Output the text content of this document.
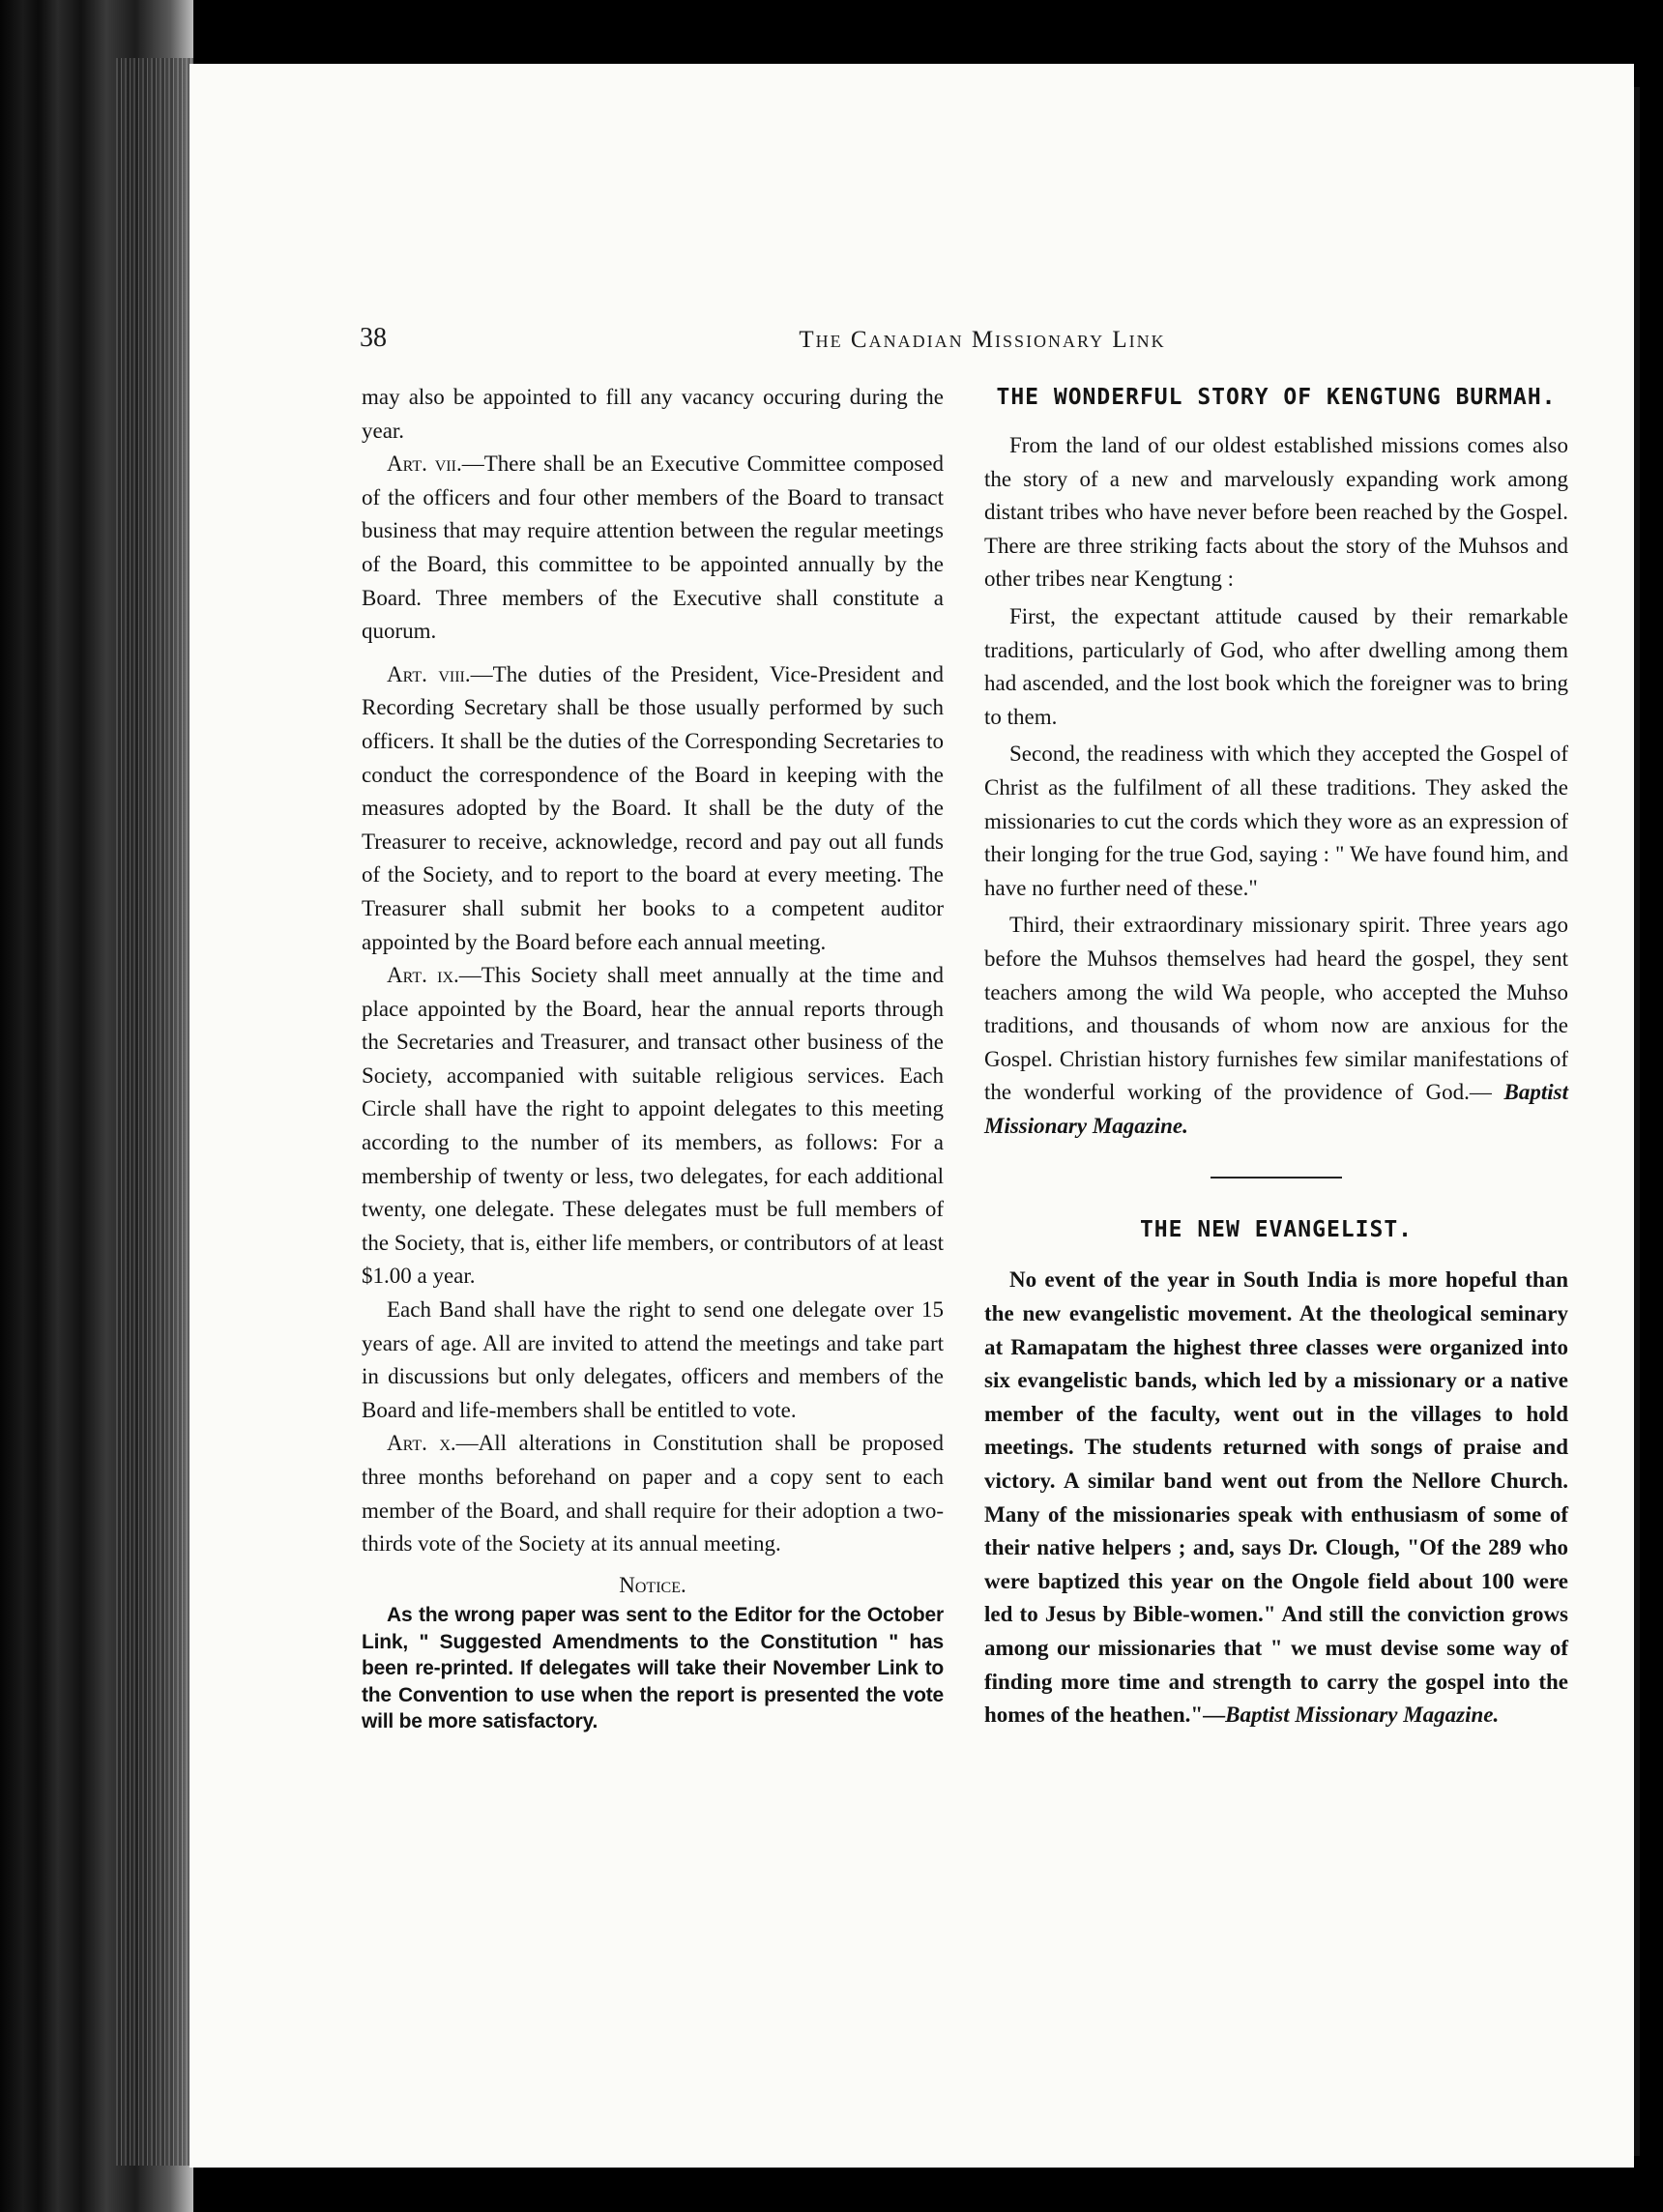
38	The Canadian Missionary Link

may also be appointed to fill any vacancy occuring during the year.

Art. vii.—There shall be an Executive Committee composed of the officers and four other members of the Board to transact business that may require attention between the regular meetings of the Board, this committee to be appointed annually by the Board. Three members of the Executive shall constitute a quorum.

Art. viii.—The duties of the President, Vice-President and Recording Secretary shall be those usually performed by such officers. It shall be the duties of the Corresponding Secretaries to conduct the correspondence of the Board in keeping with the measures adopted by the Board. It shall be the duty of the Treasurer to receive, acknowledge, record and pay out all funds of the Society, and to report to the board at every meeting. The Treasurer shall submit her books to a competent auditor appointed by the Board before each annual meeting.

Art. ix.—This Society shall meet annually at the time and place appointed by the Board, hear the annual reports through the Secretaries and Treasurer, and transact other business of the Society, accompanied with suitable religious services. Each Circle shall have the right to appoint delegates to this meeting according to the number of its members, as follows: For a membership of twenty or less, two delegates, for each additional twenty, one delegate. These delegates must be full members of the Society, that is, either life members, or contributors of at least $1.00 a year.

Each Band shall have the right to send one delegate over 15 years of age. All are invited to attend the meetings and take part in discussions but only delegates, officers and members of the Board and life-members shall be entitled to vote.

Art. x.—All alterations in Constitution shall be proposed three months beforehand on paper and a copy sent to each member of the Board, and shall require for their adoption a two-thirds vote of the Society at its annual meeting.

Notice.

As the wrong paper was sent to the Editor for the October Link, " Suggested Amendments to the Constitution " has been re-printed. If delegates will take their November Link to the Convention to use when the report is presented the vote will be more satisfactory.

THE WONDERFUL STORY OF KENGTUNG BURMAH.

From the land of our oldest established missions comes also the story of a new and marvelously expanding work among distant tribes who have never before been reached by the Gospel. There are three striking facts about the story of the Muhsos and other tribes near Kengtung :

First, the expectant attitude caused by their remarkable traditions, particularly of God, who after dwelling among them had ascended, and the lost book which the foreigner was to bring to them.

Second, the readiness with which they accepted the Gospel of Christ as the fulfilment of all these traditions. They asked the missionaries to cut the cords which they wore as an expression of their longing for the true God, saying : " We have found him, and have no further need of these."

Third, their extraordinary missionary spirit. Three years ago before the Muhsos themselves had heard the gospel, they sent teachers among the wild Wa people, who accepted the Muhso traditions, and thousands of whom now are anxious for the Gospel. Christian history furnishes few similar manifestations of the wonderful working of the providence of God.— Baptist Missionary Magazine.

THE NEW EVANGELIST.

No event of the year in South India is more hopeful than the new evangelistic movement. At the theological seminary at Ramapatam the highest three classes were organized into six evangelistic bands, which led by a missionary or a native member of the faculty, went out in the villages to hold meetings. The students returned with songs of praise and victory. A similar band went out from the Nellore Church. Many of the missionaries speak with enthusiasm of some of their native helpers ; and, says Dr. Clough, "Of the 289 who were baptized this year on the Ongole field about 100 were led to Jesus by Bible-women." And still the conviction grows among our missionaries that " we must devise some way of finding more time and strength to carry the gospel into the homes of the heathen."—Baptist Missionary Magazine.
